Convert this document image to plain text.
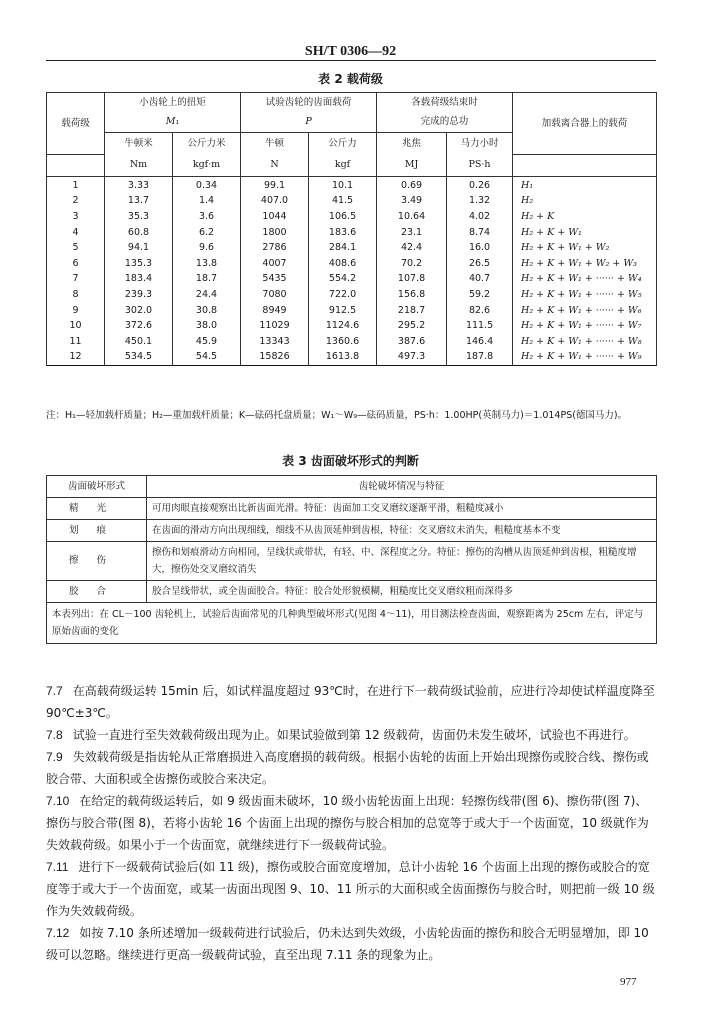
SH/T 0306—92
表 2 载荷级
载荷级	小齿轮上的扭矩		试验齿轮的齿面载荷		各载荷级结束时		加载离合器上的载荷
	M₁		P		完成的总功		
	牛顿米	公斤力米	牛顿	公斤力	兆焦	马力小时	
	Nm	kgf·m	N	kgf	MJ	PS·h	
1	3.33	0.34	99.1	10.1	0.69	0.26	H₁
2	13.7	1.4	407.0	41.5	3.49	1.32	H₂
3	35.3	3.6	1044	106.5	10.64	4.02	H₂ + K
4	60.8	6.2	1800	183.6	23.1	8.74	H₂ + K + W₁
5	94.1	9.6	2786	284.1	42.4	16.0	H₂ + K + W₁ + W₂
6	135.3	13.8	4007	408.6	70.2	26.5	H₂ + K + W₁ + W₂ + W₃
7	183.4	18.7	5435	554.2	107.8	40.7	H₂ + K + W₁ + ······ + W₄
8	239.3	24.4	7080	722.0	156.8	59.2	H₂ + K + W₁ + ······ + W₅
9	302.0	30.8	8949	912.5	218.7	82.6	H₂ + K + W₁ + ······ + W₆
10	372.6	38.0	11029	1124.6	295.2	111.5	H₂ + K + W₁ + ······ + W₇
11	450.1	45.9	13343	1360.6	387.6	146.4	H₂ + K + W₁ + ······ + W₈
12	534.5	54.5	15826	1613.8	497.3	187.8	H₂ + K + W₁ + ······ + W₉
注：H₁—轻加载杆质量；H₂—重加载杆质量；K—砝码托盘质量；W₁～W₉—砝码质量，PS·h：1.00HP(英制马力)＝1.014PS(德国马力)。
表 3 齿面破坏形式的判断
齿面破坏形式	齿轮破坏情况与特征
精光	可用肉眼直接观察出比新齿面光滑。特征：齿面加工交叉磨纹逐渐平滑，粗糙度减小
划痕	在齿面的滑动方向出现细线，细线不从齿顶延伸到齿根，特征：交叉磨纹未消失，粗糙度基本不变
擦伤	擦伤和划痕滑动方向相同，呈线状或带状，有轻、中、深程度之分。特征：擦伤的沟槽从齿顶延伸到齿根，粗糙度增大，擦伤处交叉磨纹消失
胶合	胶合呈线带状，或全齿面胶合。特征：胶合处形貌模糊，粗糙度比交叉磨纹粗而深得多
本表列出：在 CL－100 齿轮机上，试验后齿面常见的几种典型破坏形式(见图 4～11)，用目测法检查齿面，观察距离为 25cm 左右，评定与原始齿面的变化	

7.7 在高载荷级运转 15min 后，如试样温度超过 93℃时，在进行下一载荷级试验前，应进行冷却使试样温度降至 90℃±3℃。

7.8 试验一直进行至失效载荷级出现为止。如果试验做到第 12 级载荷，齿面仍未发生破坏，试验也不再进行。

7.9 失效载荷级是指齿轮从正常磨损进入高度磨损的载荷级。根据小齿轮的齿面上开始出现擦伤或胶合线、擦伤或胶合带、大面积或全齿擦伤或胶合来决定。

7.10 在给定的载荷级运转后，如 9 级齿面未破坏，10 级小齿轮齿面上出现：轻擦伤线带(图 6)、擦伤带(图 7)、擦伤与胶合带(图 8)，若将小齿轮 16 个齿面上出现的擦伤与胶合相加的总宽等于或大于一个齿面宽，10 级就作为失效载荷级。如果小于一个齿面宽，就继续进行下一级载荷试验。

7.11 进行下一级载荷试验后(如 11 级)，擦伤或胶合面宽度增加，总计小齿轮 16 个齿面上出现的擦伤或胶合的宽度等于或大于一个齿面宽，或某一齿面出现图 9、10、11 所示的大面积或全齿面擦伤与胶合时，则把前一级 10 级作为失效载荷级。

7.12 如按 7.10 条所述增加一级载荷进行试验后，仍未达到失效级，小齿轮齿面的擦伤和胶合无明显增加，即 10 级可以忽略。继续进行更高一级载荷试验，直至出现 7.11 条的现象为止。

977
